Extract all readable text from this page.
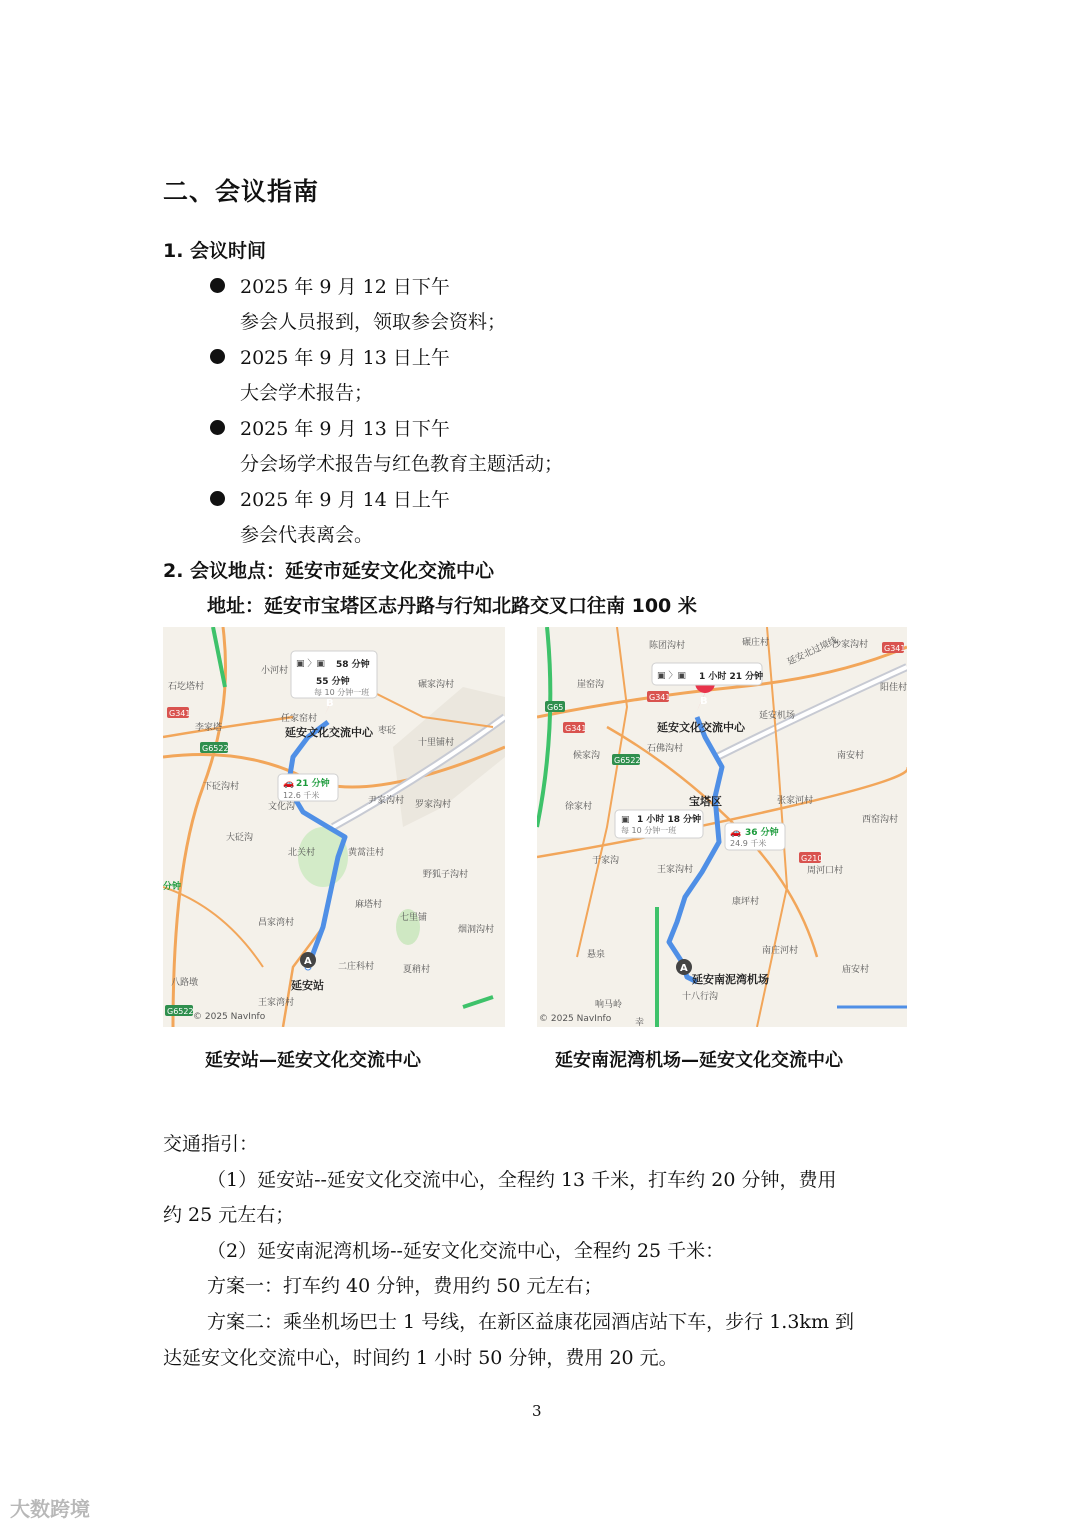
二、会议指南
1. 会议时间
2025 年 9 月 12 日下午
参会人员报到，领取参会资料；
2025 年 9 月 13 日上午
大会学术报告；
2025 年 9 月 13 日下午
分会场学术报告与红色教育主题活动；
2025 年 9 月 14 日上午
参会代表离会。
2. 会议地点：延安市延安文化交流中心
地址：延安市宝塔区志丹路与行知北路交叉口往南 100 米
小河村
石圪塔村
李家塔
下砭沟村
大砭沟
北关村
昌家湾村
八路墩
王家湾村
碾家沟村
十里铺村
尹家沟村 罗家沟村
黄蒿洼村
野狐子沟村
麻塔村
七里铺
烟洞沟村
二庄科村	夏稍村
任家窑村
文化沟
枣砭
G341
G6522
G6522
B
延安文化交流中心
A
延安站
▣ 〉▣ 58 分钟
55 分钟
每 10 分钟一班
🚗 21 分钟
12.6 千米
分钟
© 2025 NavInfo
陈团沟村	碾庄村	沙家沟村
阳佳村
崖窑沟
石佛沟村
南安村
候家沟
徐家村
张家河村
西窑沟村
于家沟
王家沟村	周河口村
康坪村
南庄河村
庙安村
悬泉
十八行沟
响马岭
幸
宝塔区
延安机场
延安北过境线
G65
G341
G341
G6522
G341
G210
B
延安文化交流中心
A
延安南泥湾机场
▣ 〉▣ 1 小时 21 分钟
▣ 1 小时 18 分钟
每 10 分钟一班	🚗 36 分钟
24.9 千米
© 2025 NavInfo
延安站—延安文化交流中心	延安南泥湾机场—延安文化交流中心
交通指引：
（1）延安站--延安文化交流中心，全程约 13 千米，打车约 20 分钟，费用
约 25 元左右；
（2）延安南泥湾机场--延安文化交流中心，全程约 25 千米：
方案一：打车约 40 分钟，费用约 50 元左右；
方案二：乘坐机场巴士 1 号线，在新区益康花园酒店站下车，步行 1.3km 到
达延安文化交流中心，时间约 1 小时 50 分钟，费用 20 元。
3
大数跨境
